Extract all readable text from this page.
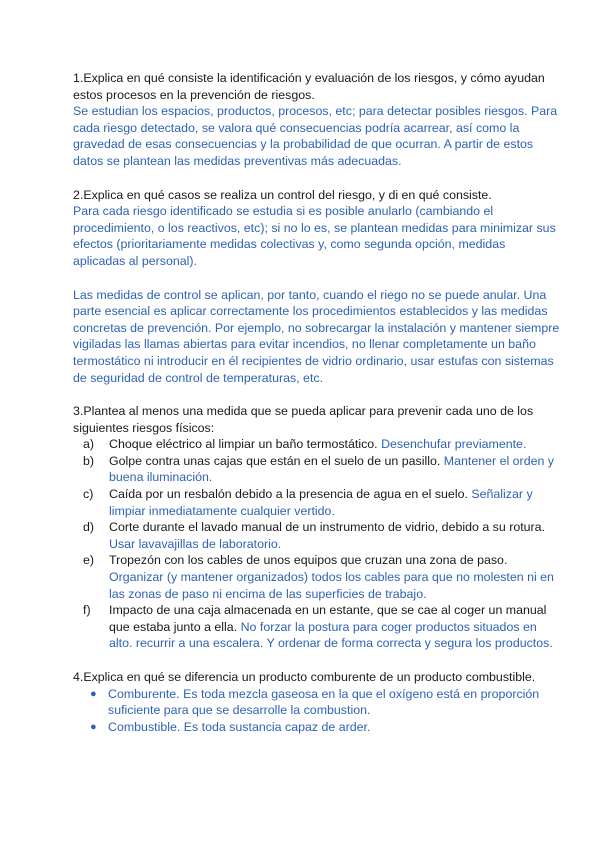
1.Explica en qué consiste la identificación y evaluación de los riesgos, y cómo ayudan estos procesos en la prevención de riesgos.

Se estudian los espacios, productos, procesos, etc; para detectar posibles riesgos. Para cada riesgo detectado, se valora qué consecuencias podría acarrear, así como la gravedad de esas consecuencias y la probabilidad de que ocurran. A partir de estos datos se plantean las medidas preventivas más adecuadas.

2.Explica en qué casos se realiza un control del riesgo, y di en qué consiste.

Para cada riesgo identificado se estudia si es posible anularlo (cambiando el procedimiento, o los reactivos, etc); si no lo es, se plantean medidas para minimizar sus efectos (prioritariamente medidas colectivas y, como segunda opción, medidas aplicadas al personal).

Las medidas de control se aplican, por tanto, cuando el riego no se puede anular. Una parte esencial es aplicar correctamente los procedimientos establecidos y las medidas concretas de prevención. Por ejemplo, no sobrecargar la instalación y mantener siempre vigiladas las llamas abiertas para evitar incendios, no llenar completamente un baño termostático ni introducir en él recipientes de vidrio ordinario, usar estufas con sistemas de seguridad de control de temperaturas, etc.

3.Plantea al menos una medida que se pueda aplicar para prevenir cada uno de los siguientes riesgos físicos:

a)	Choque eléctrico al limpiar un baño termostático. Desenchufar previamente.
b)	Golpe contra unas cajas que están en el suelo de un pasillo. Mantener el orden y buena iluminación.
c)	Caída por un resbalón debido a la presencia de agua en el suelo. Señalizar y limpiar inmediatamente cualquier vertido.
d)	Corte durante el lavado manual de un instrumento de vidrio, debido a su rotura. Usar lavavajillas de laboratorio.
e)	Tropezón con los cables de unos equipos que cruzan una zona de paso. Organizar (y mantener organizados) todos los cables para que no molesten ni en las zonas de paso ni encima de las superficies de trabajo.
f)	Impacto de una caja almacenada en un estante, que se cae al coger un manual que estaba junto a ella. No forzar la postura para coger productos situados en alto. recurrir a una escalera. Y ordenar de forma correcta y segura los productos.

4.Explica en qué se diferencia un producto comburente de un producto combustible.

● Comburente. Es toda mezcla gaseosa en la que el oxígeno está en proporción suficiente para que se desarrolle la combustion.
● Combustible. Es toda sustancia capaz de arder.
